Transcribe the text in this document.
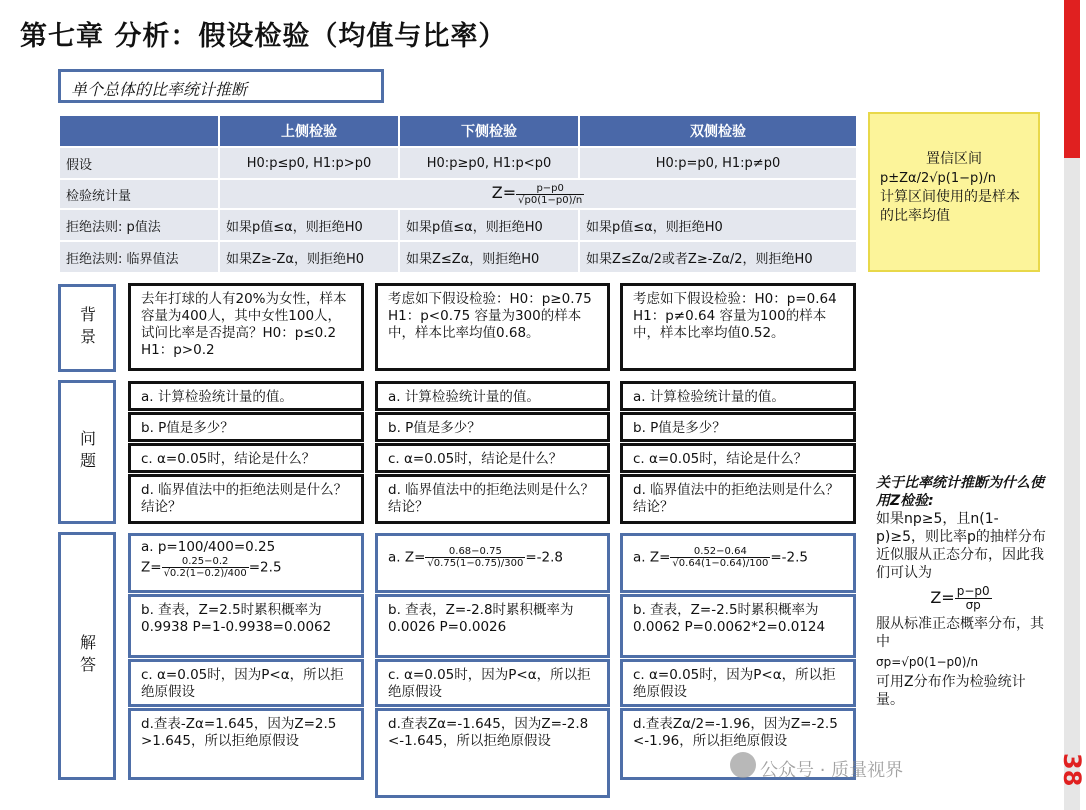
第七章 分析：假设检验（均值与比率）
38
单个总体的比率统计推断
	上侧检验	下侧检验	双侧检验
假设	H0:p≤p0, H1:p>p0	H0:p≥p0, H1:p<p0	H0:p=p0, H1:p≠p0
检验统计量	$Z= \frac{p-p0}{√p0(1-p0)/n}$

拒绝法则: p值法	如果p值≤α，则拒绝H0	如果p值≤α，则拒绝H0	如果p值≤α，则拒绝H0
拒绝法则: 临界值法	如果Z≥-Zα，则拒绝H0	如果Z≤Zα，则拒绝H0	如果Z≤Zα/2或者Z≥-Zα/2，则拒绝H0
置信区间
p±Zα/2√p(1−p)/n
计算区间使用的是样本的比率均值
背景
问题
解答
去年打球的人有20%为女性，样本容量为400人，其中女性100人，试问比率是否提高？H0：p≤0.2　H1：p>0.2
考虑如下假设检验：H0：p≥0.75　H1：p<0.75 容量为300的样本中，样本比率均值0.68。
考虑如下假设检验：H0：p=0.64　H1：p≠0.64 容量为100的样本中，样本比率均值0.52。
a. 计算检验统计量的值。
b. P值是多少？
c. α=0.05时，结论是什么？
d. 临界值法中的拒绝法则是什么？结论？
a. 计算检验统计量的值。
b. P值是多少？
c. α=0.05时，结论是什么？
d. 临界值法中的拒绝法则是什么？结论？
a. 计算检验统计量的值。
b. P值是多少？
c. α=0.05时，结论是什么？
d. 临界值法中的拒绝法则是什么？结论？
a. p=100/400=0.25
$Z= \frac{0.25-0.2}{√0.2(1-0.2)/400} =2.5$
b. 查表，Z=2.5时累积概率为0.9938 P=1-0.9938=0.0062
c. α=0.05时，因为P<α，所以拒绝原假设
d.查表-Zα=1.645，因为Z=2.5 >1.645，所以拒绝原假设
a. $Z= \frac{0.68-0.75}{√0.75(1-0.75)/300} =-2.8$
b. 查表，Z=-2.8时累积概率为0.0026 P=0.0026
c. α=0.05时，因为P<α，所以拒绝原假设
d.查表Zα=-1.645，因为Z=-2.8 <-1.645，所以拒绝原假设
a. $Z= \frac{0.52-0.64}{√0.64(1-0.64)/100} =-2.5$
b. 查表，Z=-2.5时累积概率为0.0062 P=0.0062*2=0.0124
c. α=0.05时，因为P<α，所以拒绝原假设
d.查表Zα/2=-1.96，因为Z=-2.5 <-1.96，所以拒绝原假设
关于比率统计推断为什么使用Z检验:
如果np≥5，且n(1-p)≥5，则比率p的抽样分布近似服从正态分布，因此我们可认为
$Z= \frac{p-p0}{\sigma p}$
服从标准正态概率分布，其中
σp=√p0(1−p0)/n
可用Z分布作为检验统计量。
公众号 · 质量视界
